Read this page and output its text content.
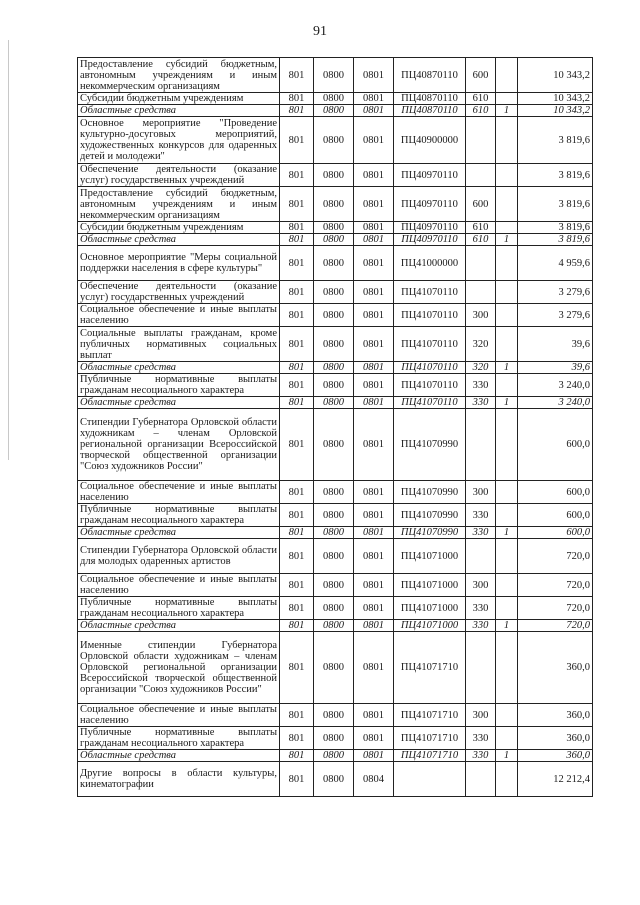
91
Предоставление субсидий бюджетным, автономным учреждениям и иным некоммерческим организациям	801	0800	0801	ПЦ40870110	600		10 343,2
Субсидии бюджетным учреждениям	801	0800	0801	ПЦ40870110	610		10 343,2
Областные средства	801	0800	0801	ПЦ40870110	610	1	10 343,2
Основное мероприятие "Проведение культурно-досуговых мероприятий, художественных конкурсов для одаренных детей и молодежи"	801	0800	0801	ПЦ40900000			3 819,6
Обеспечение деятельности (оказание услуг) государственных учреждений	801	0800	0801	ПЦ40970110			3 819,6
Предоставление субсидий бюджетным, автономным учреждениям и иным некоммерческим организациям	801	0800	0801	ПЦ40970110	600		3 819,6
Субсидии бюджетным учреждениям	801	0800	0801	ПЦ40970110	610		3 819,6
Областные средства	801	0800	0801	ПЦ40970110	610	1	3 819,6
Основное мероприятие "Меры социальной поддержки населения в сфере культуры"	801	0800	0801	ПЦ41000000			4 959,6
Обеспечение деятельности (оказание услуг) государственных учреждений	801	0800	0801	ПЦ41070110			3 279,6
Социальное обеспечение и иные выплаты населению	801	0800	0801	ПЦ41070110	300		3 279,6
Социальные выплаты гражданам, кроме публичных нормативных социальных выплат	801	0800	0801	ПЦ41070110	320		39,6
Областные средства	801	0800	0801	ПЦ41070110	320	1	39,6
Публичные нормативные выплаты гражданам несоциального характера	801	0800	0801	ПЦ41070110	330		3 240,0
Областные средства	801	0800	0801	ПЦ41070110	330	1	3 240,0
Стипендии Губернатора Орловской области художникам – членам Орловской региональной организации Всероссийской творческой общественной организации "Союз художников России"	801	0800	0801	ПЦ41070990			600,0
Социальное обеспечение и иные выплаты населению	801	0800	0801	ПЦ41070990	300		600,0
Публичные нормативные выплаты гражданам несоциального характера	801	0800	0801	ПЦ41070990	330		600,0
Областные средства	801	0800	0801	ПЦ41070990	330	1	600,0
Стипендии Губернатора Орловской области для молодых одаренных артистов	801	0800	0801	ПЦ41071000			720,0
Социальное обеспечение и иные выплаты населению	801	0800	0801	ПЦ41071000	300		720,0
Публичные нормативные выплаты гражданам несоциального характера	801	0800	0801	ПЦ41071000	330		720,0
Областные средства	801	0800	0801	ПЦ41071000	330	1	720,0
Именные стипендии Губернатора Орловской области художникам – членам Орловской региональной организации Всероссийской творческой общественной организации "Союз художников России"	801	0800	0801	ПЦ41071710			360,0
Социальное обеспечение и иные выплаты населению	801	0800	0801	ПЦ41071710	300		360,0
Публичные нормативные выплаты гражданам несоциального характера	801	0800	0801	ПЦ41071710	330		360,0
Областные средства	801	0800	0801	ПЦ41071710	330	1	360,0
Другие вопросы в области культуры, кинематографии	801	0800	0804				12 212,4
